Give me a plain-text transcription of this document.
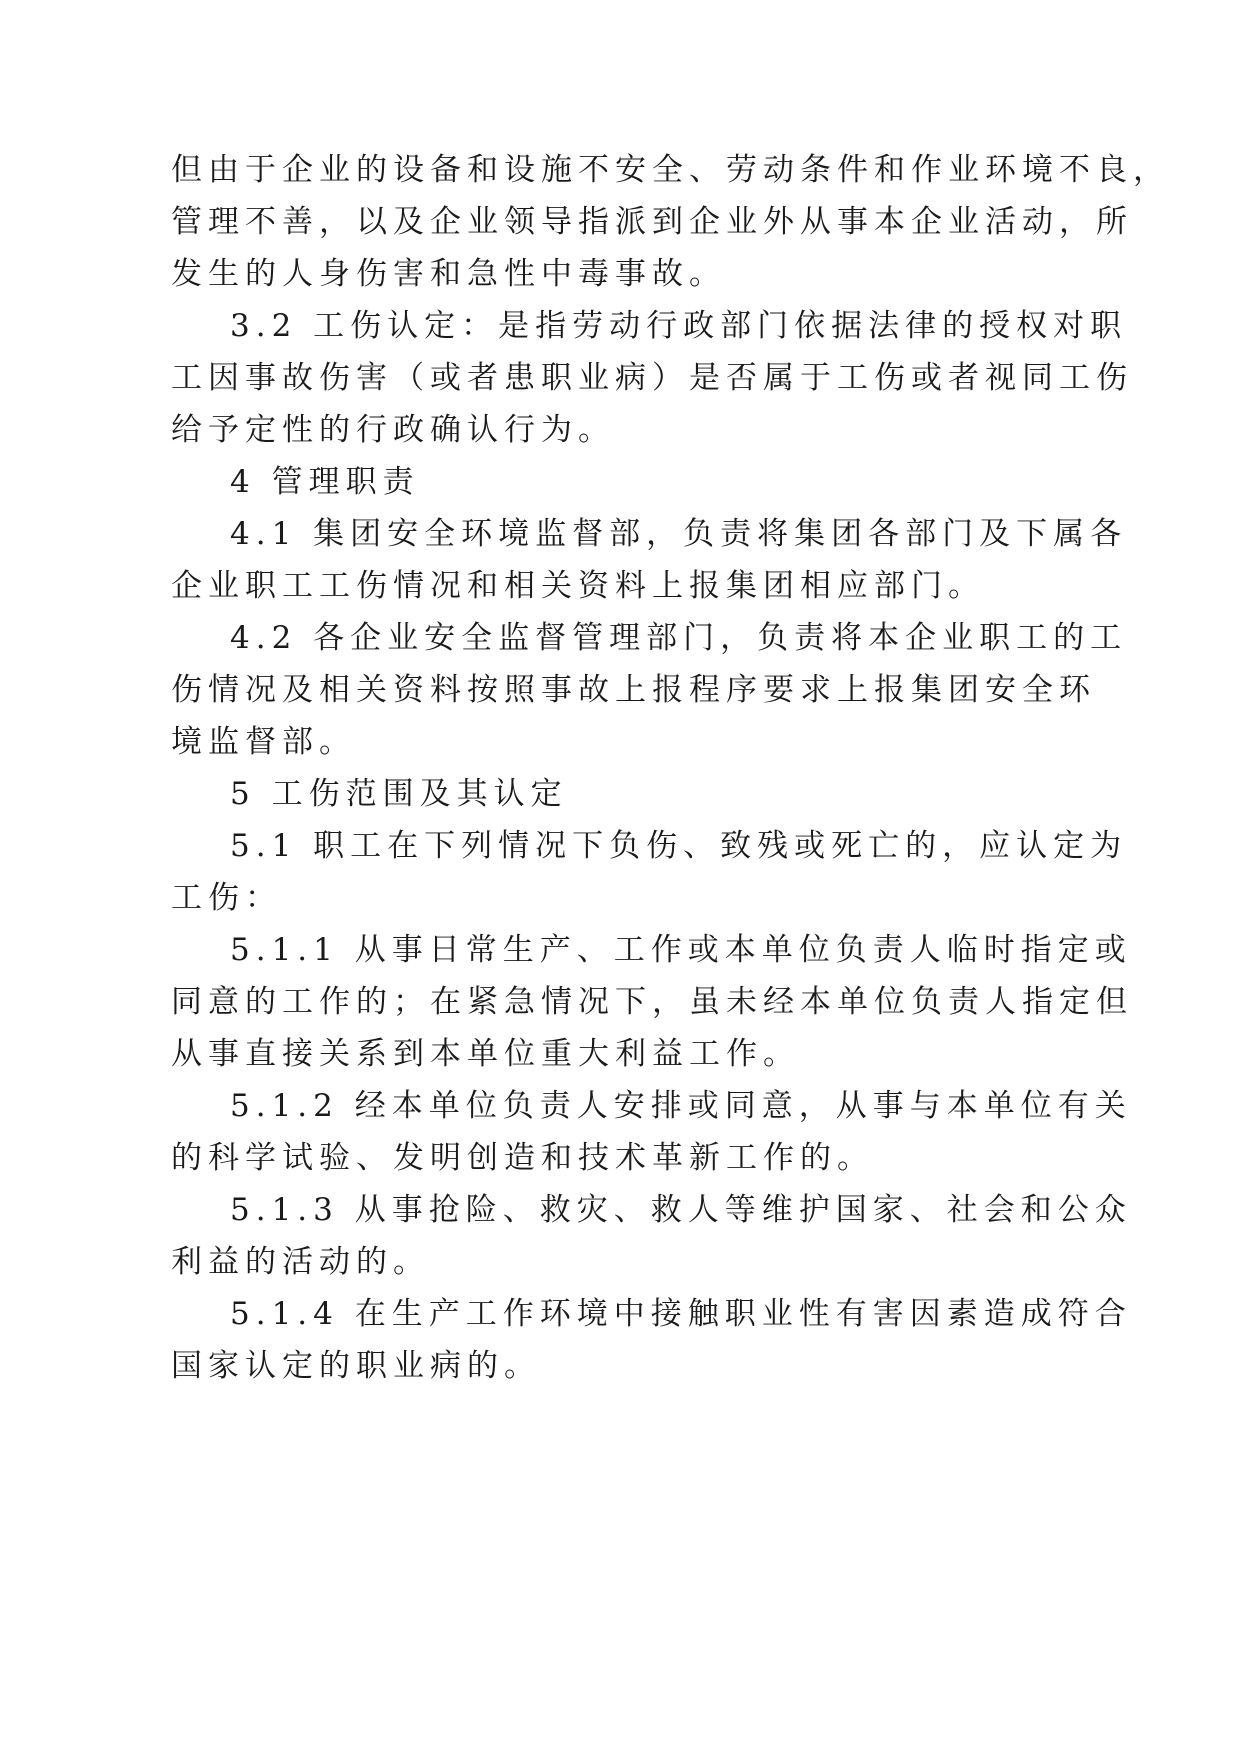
但由于企业的设备和设施不安全、劳动条件和作业环境不良，

管理不善，以及企业领导指派到企业外从事本企业活动，所

发生的人身伤害和急性中毒事故。

3.2 工伤认定：是指劳动行政部门依据法律的授权对职

工因事故伤害（或者患职业病）是否属于工伤或者视同工伤

给予定性的行政确认行为。

4 管理职责

4.1 集团安全环境监督部，负责将集团各部门及下属各

企业职工工伤情况和相关资料上报集团相应部门。

4.2 各企业安全监督管理部门，负责将本企业职工的工

伤情况及相关资料按照事故上报程序要求上报集团安全环

境监督部。

5 工伤范围及其认定

5.1 职工在下列情况下负伤、致残或死亡的，应认定为

工伤：

5.1.1 从事日常生产、工作或本单位负责人临时指定或

同意的工作的；在紧急情况下，虽未经本单位负责人指定但

从事直接关系到本单位重大利益工作。

5.1.2 经本单位负责人安排或同意，从事与本单位有关

的科学试验、发明创造和技术革新工作的。

5.1.3 从事抢险、救灾、救人等维护国家、社会和公众

利益的活动的。

5.1.4 在生产工作环境中接触职业性有害因素造成符合

国家认定的职业病的。
